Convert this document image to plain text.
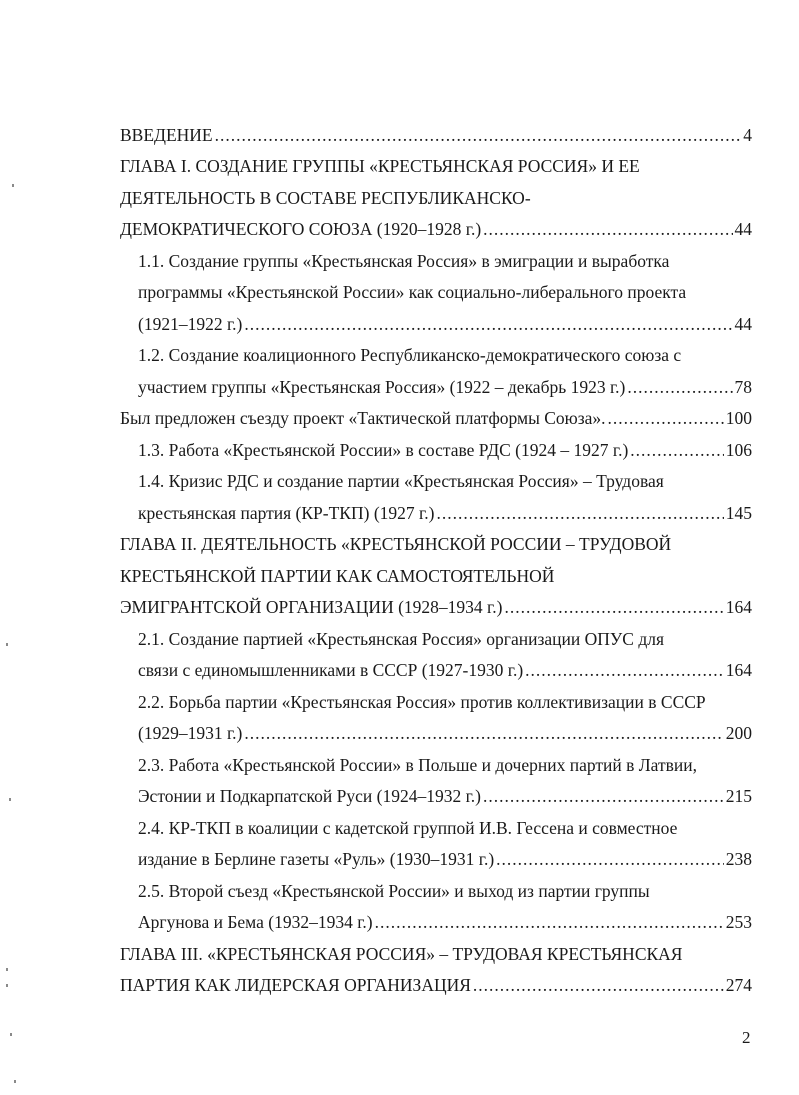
ВВЕДЕНИЕ .....	4
ГЛАВА I. СОЗДАНИЕ ГРУППЫ «КРЕСТЬЯНСКАЯ РОССИЯ» И ЕЕ
ДЕЯТЕЛЬНОСТЬ В СОСТАВЕ РЕСПУБЛИКАНСКО-
ДЕМОКРАТИЧЕСКОГО СОЮЗА (1920–1928 г.) .....	44
1.1. Создание группы «Крестьянская Россия» в эмиграции и выработка
программы «Крестьянской России» как социально-либерального проекта
(1921–1922 г.) .....	44
1.2. Создание коалиционного Республиканско-демократического союза с
участием группы «Крестьянская Россия» (1922 – декабрь 1923 г.) .....	78
Был предложен съезду проект «Тактической платформы Союза». .....	100
1.3. Работа «Крестьянской России» в составе РДС (1924 – 1927 г.) .....	106
1.4. Кризис РДС и создание партии «Крестьянская Россия» – Трудовая
крестьянская партия (КР-ТКП) (1927 г.) .....	145
ГЛАВА II. ДЕЯТЕЛЬНОСТЬ «КРЕСТЬЯНСКОЙ РОССИИ – ТРУДОВОЙ
КРЕСТЬЯНСКОЙ ПАРТИИ КАК САМОСТОЯТЕЛЬНОЙ
ЭМИГРАНТСКОЙ ОРГАНИЗАЦИИ (1928–1934 г.) .....	164
2.1. Создание партией «Крестьянская Россия» организации ОПУС для
связи с единомышленниками в СССР (1927-1930 г.) .....	164
2.2. Борьба партии «Крестьянская Россия» против коллективизации в СССР
(1929–1931 г.) .....	200
2.3. Работа «Крестьянской России» в Польше и дочерних партий в Латвии,
Эстонии и Подкарпатской Руси (1924–1932 г.) .....	215
2.4. КР-ТКП в коалиции с кадетской группой И.В. Гессена и совместное
издание в Берлине газеты «Руль» (1930–1931 г.) .....	238
2.5. Второй съезд «Крестьянской России» и выход из партии группы
Аргунова и Бема (1932–1934 г.) .....	253
ГЛАВА III. «КРЕСТЬЯНСКАЯ РОССИЯ» – ТРУДОВАЯ КРЕСТЬЯНСКАЯ
ПАРТИЯ КАК ЛИДЕРСКАЯ ОРГАНИЗАЦИЯ .....	274
2
